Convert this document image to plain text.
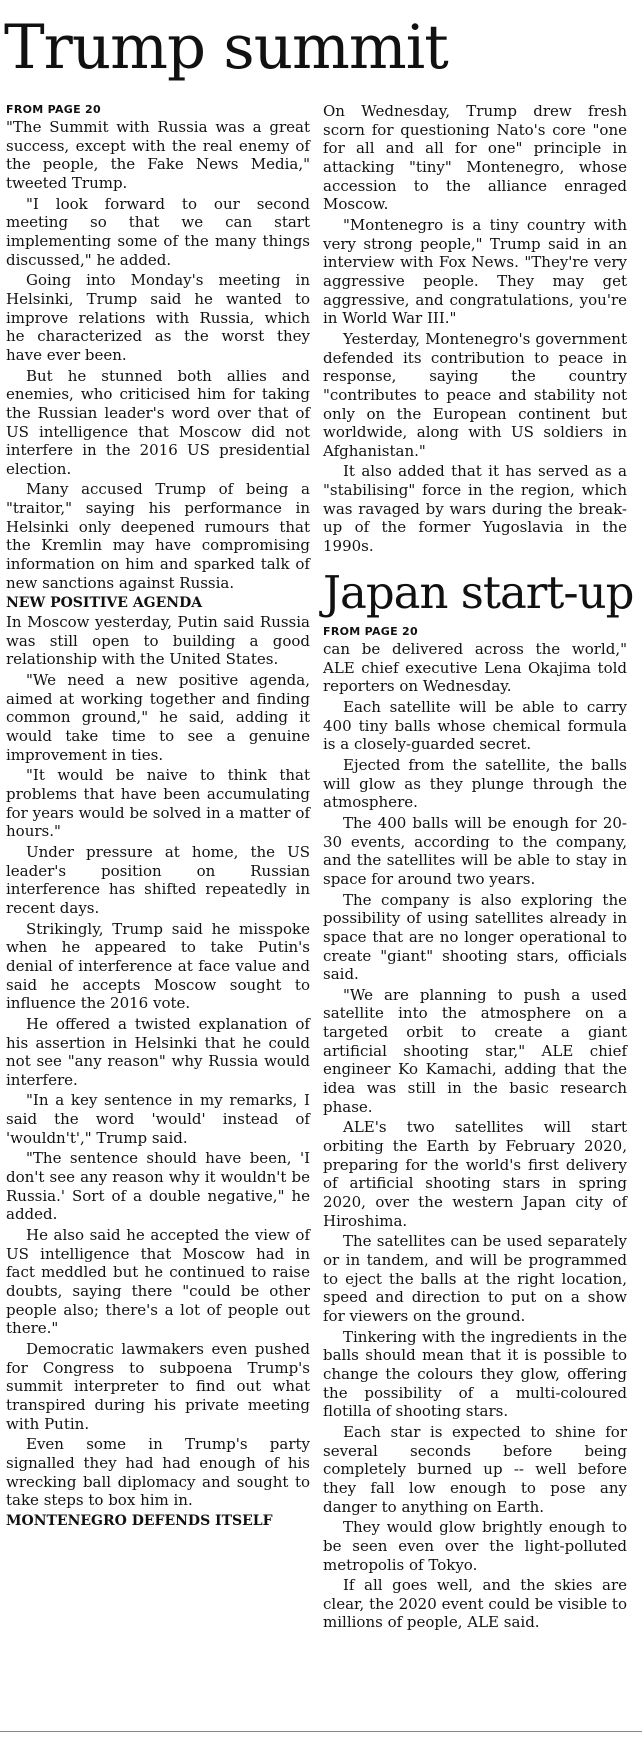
Trump summit
FROM PAGE 20

"The Summit with Russia was a great success, except with the real enemy of the people, the Fake News Media," tweeted Trump.

"I look forward to our second meeting so that we can start implementing some of the many things discussed," he added.

Going into Monday's meeting in Helsinki, Trump said he wanted to improve relations with Russia, which he characterized as the worst they have ever been.

But he stunned both allies and enemies, who criticised him for taking the Russian leader's word over that of US intelligence that Moscow did not interfere in the 2016 US presidential election.

Many accused Trump of being a "traitor," saying his performance in Helsinki only deepened rumours that the Kremlin may have compromising information on him and sparked talk of new sanctions against Russia.

NEW POSITIVE AGENDA

In Moscow yesterday, Putin said Russia was still open to building a good relationship with the United States.

"We need a new positive agenda, aimed at working together and finding common ground," he said, adding it would take time to see a genuine improvement in ties.

"It would be naive to think that problems that have been accumulating for years would be solved in a matter of hours."

Under pressure at home, the US leader's position on Russian interference has shifted repeatedly in recent days.

Strikingly, Trump said he misspoke when he appeared to take Putin's denial of interference at face value and said he accepts Moscow sought to influence the 2016 vote.

He offered a twisted explanation of his assertion in Helsinki that he could not see "any reason" why Russia would interfere.

"In a key sentence in my remarks, I said the word 'would' instead of 'wouldn't'," Trump said.

"The sentence should have been, 'I don't see any reason why it wouldn't be Russia.' Sort of a double negative," he added.

He also said he accepted the view of US intelligence that Moscow had in fact meddled but he continued to raise doubts, saying there "could be other people also; there's a lot of people out there."

Democratic lawmakers even pushed for Congress to subpoena Trump's summit interpreter to find out what transpired during his private meeting with Putin.

Even some in Trump's party signalled they had had enough of his wrecking ball diplomacy and sought to take steps to box him in.

MONTENEGRO DEFENDS ITSELF

On Wednesday, Trump drew fresh scorn for questioning Nato's core "one for all and all for one" principle in attacking "tiny" Montenegro, whose accession to the alliance enraged Moscow.

"Montenegro is a tiny country with very strong people," Trump said in an interview with Fox News. "They're very aggressive people. They may get aggressive, and congratulations, you're in World War III."

Yesterday, Montenegro's government defended its contribution to peace in response, saying the country "contributes to peace and stability not only on the European continent but worldwide, along with US soldiers in Afghanistan."

It also added that it has served as a "stabilising" force in the region, which was ravaged by wars during the break-up of the former Yugoslavia in the 1990s.

Japan start-up
FROM PAGE 20

can be delivered across the world," ALE chief executive Lena Okajima told reporters on Wednesday.

Each satellite will be able to carry 400 tiny balls whose chemical formula is a closely-guarded secret.

Ejected from the satellite, the balls will glow as they plunge through the atmosphere.

The 400 balls will be enough for 20-30 events, according to the company, and the satellites will be able to stay in space for around two years.

The company is also exploring the possibility of using satellites already in space that are no longer operational to create "giant" shooting stars, officials said.

"We are planning to push a used satellite into the atmosphere on a targeted orbit to create a giant artificial shooting star," ALE chief engineer Ko Kamachi, adding that the idea was still in the basic research phase.

ALE's two satellites will start orbiting the Earth by February 2020, preparing for the world's first delivery of artificial shooting stars in spring 2020, over the western Japan city of Hiroshima.

The satellites can be used separately or in tandem, and will be programmed to eject the balls at the right location, speed and direction to put on a show for viewers on the ground.

Tinkering with the ingredients in the balls should mean that it is possible to change the colours they glow, offering the possibility of a multi-coloured flotilla of shooting stars.

Each star is expected to shine for several seconds before being completely burned up -- well before they fall low enough to pose any danger to anything on Earth.

They would glow brightly enough to be seen even over the light-polluted metropolis of Tokyo.

If all goes well, and the skies are clear, the 2020 event could be visible to millions of people, ALE said.
